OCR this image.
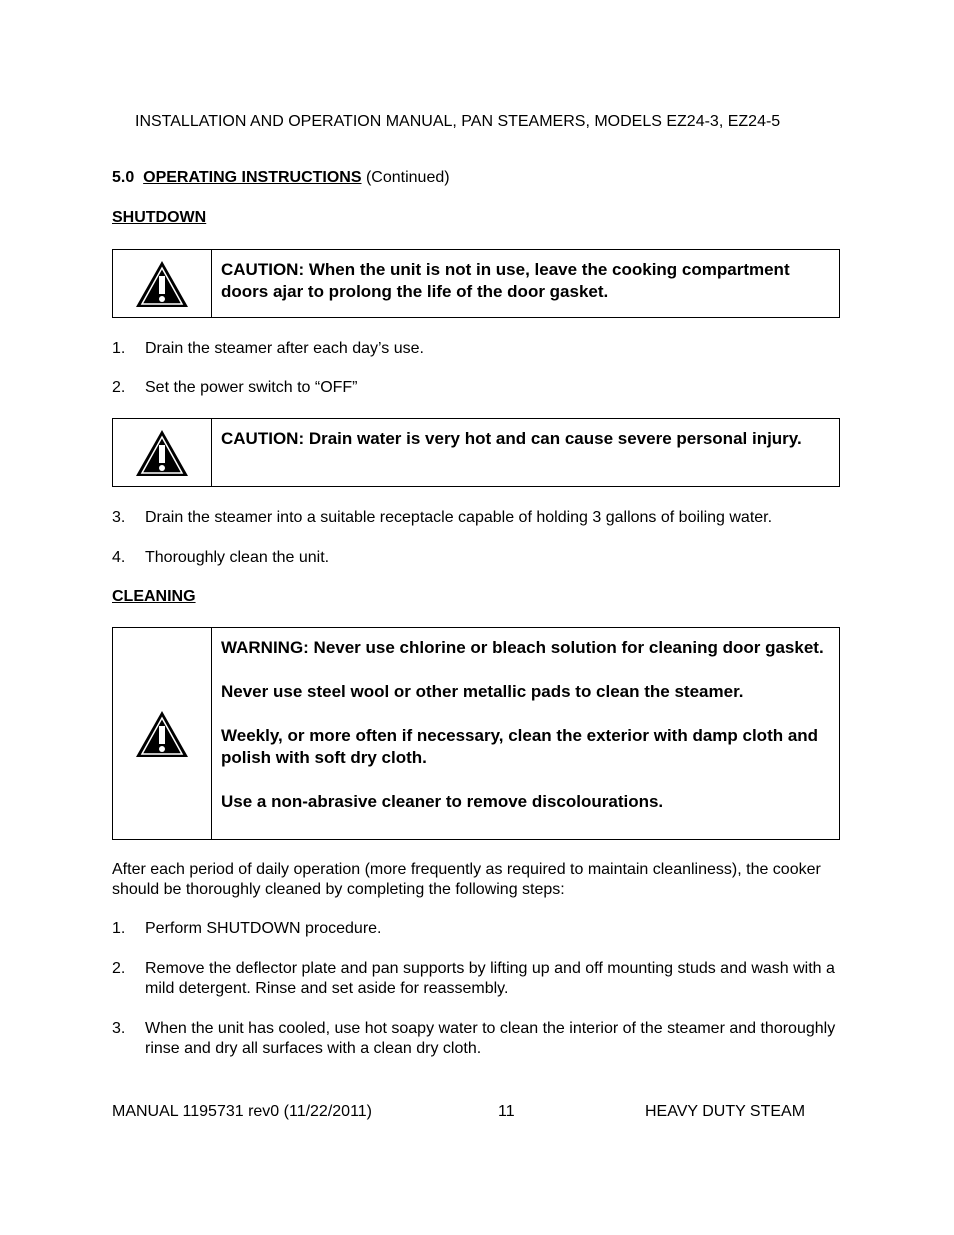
INSTALLATION AND OPERATION MANUAL, PAN STEAMERS, MODELS EZ24-3, EZ24-5
5.0 OPERATING INSTRUCTIONS (Continued)
SHUTDOWN

CAUTION: When the unit is not in use, leave the cooking compartment doors ajar to prolong the life of the door gasket.

1.	Drain the steamer after each day’s use.
2.	Set the power switch to “OFF”

CAUTION: Drain water is very hot and can cause severe personal injury.

3.	Drain the steamer into a suitable receptacle capable of holding 3 gallons of boiling water.
4.	Thoroughly clean the unit.
CLEANING

WARNING: Never use chlorine or bleach solution for cleaning door gasket.

Never use steel wool or other metallic pads to clean the steamer.

Weekly, or more often if necessary, clean the exterior with damp cloth and polish with soft dry cloth.

Use a non-abrasive cleaner to remove discolourations.

After each period of daily operation (more frequently as required to maintain cleanliness), the cooker should be thoroughly cleaned by completing the following steps:
1.	Perform SHUTDOWN procedure.
2.	Remove the deflector plate and pan supports by lifting up and off mounting studs and wash with a mild detergent. Rinse and set aside for reassembly.
3.	When the unit has cooled, use hot soapy water to clean the interior of the steamer and thoroughly rinse and dry all surfaces with a clean dry cloth.
MANUAL 1195731 rev0 (11/22/2011)	11	HEAVY DUTY STEAM
